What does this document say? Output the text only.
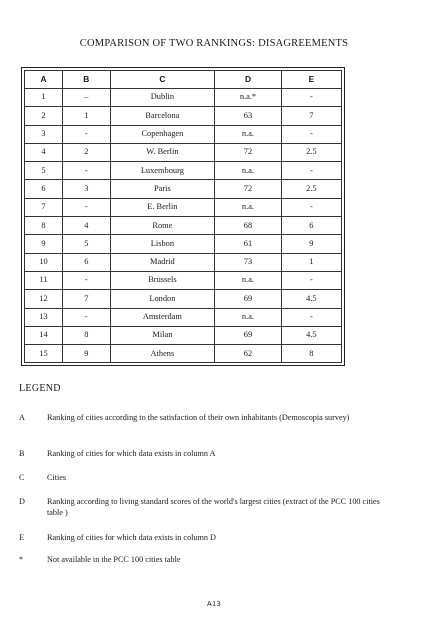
COMPARISON OF TWO RANKINGS: DISAGREEMENTS
A	B	C	D	E
1	–	Dublin	n.a.*	-
2	1	Barcelona	63	7
3	-	Copenhagen	n.a.	-
4	2	W. Berlin	72	2.5
5	-	Luxembourg	n.a.	-
6	3	Paris	72	2.5
7	-	E. Berlin	n.a.	-
8	4	Rome	68	6
9	5	Lisbon	61	9
10	6	Madrid	73	1
11	-	Brussels	n.a.	-
12	7	London	69	4.5
13	-	Amsterdam	n.a.	-
14	8	Milan	69	4.5
15	9	Athens	62	8
LEGEND
A	Ranking of cities according to the satisfaction of their own inhabitants (Demoscopia survey)
B	Ranking of cities for which data exists in column A
C	Cities
D	Ranking according to living standard scores of the world's largest cities (extract of the PCC 100 cities table )
E	Ranking of cities for which data exists in column D
*	Not available in the PCC 100 cities table
A13
